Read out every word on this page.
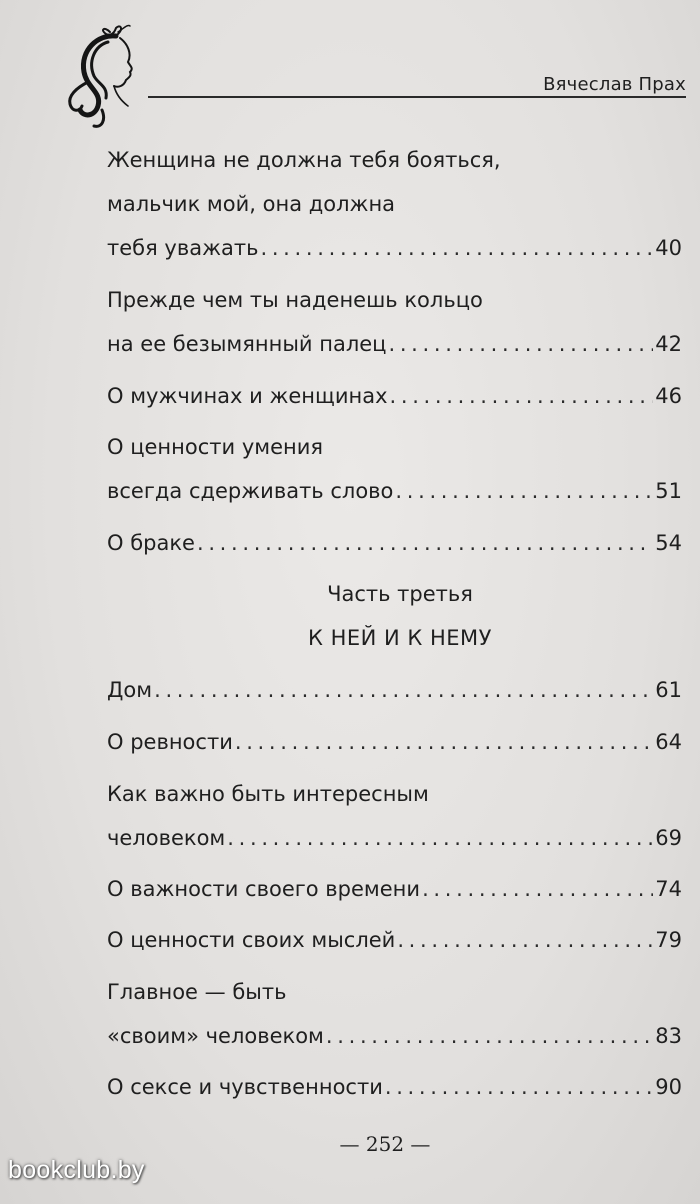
Вячеслав Прах
Женщина не должна тебя бояться,
мальчик мой, она должна
тебя уважать . . .	40
Прежде чем ты наденешь кольцо
на ее безымянный палец . . .	42
О мужчинах и женщинах . . .	46
О ценности умения
всегда сдерживать слово . . .	51
О браке . . .	54
Часть третья
К НЕЙ И К НЕМУ
Дом . . .	61
О ревности . . .	64
Как важно быть интересным
человеком . . .	69
О важности своего времени . . .	74
О ценности своих мыслей . . .	79
Главное — быть
«своим» человеком . . .	83
О сексе и чувственности . . .	90
— 252 —
bookclub.by
